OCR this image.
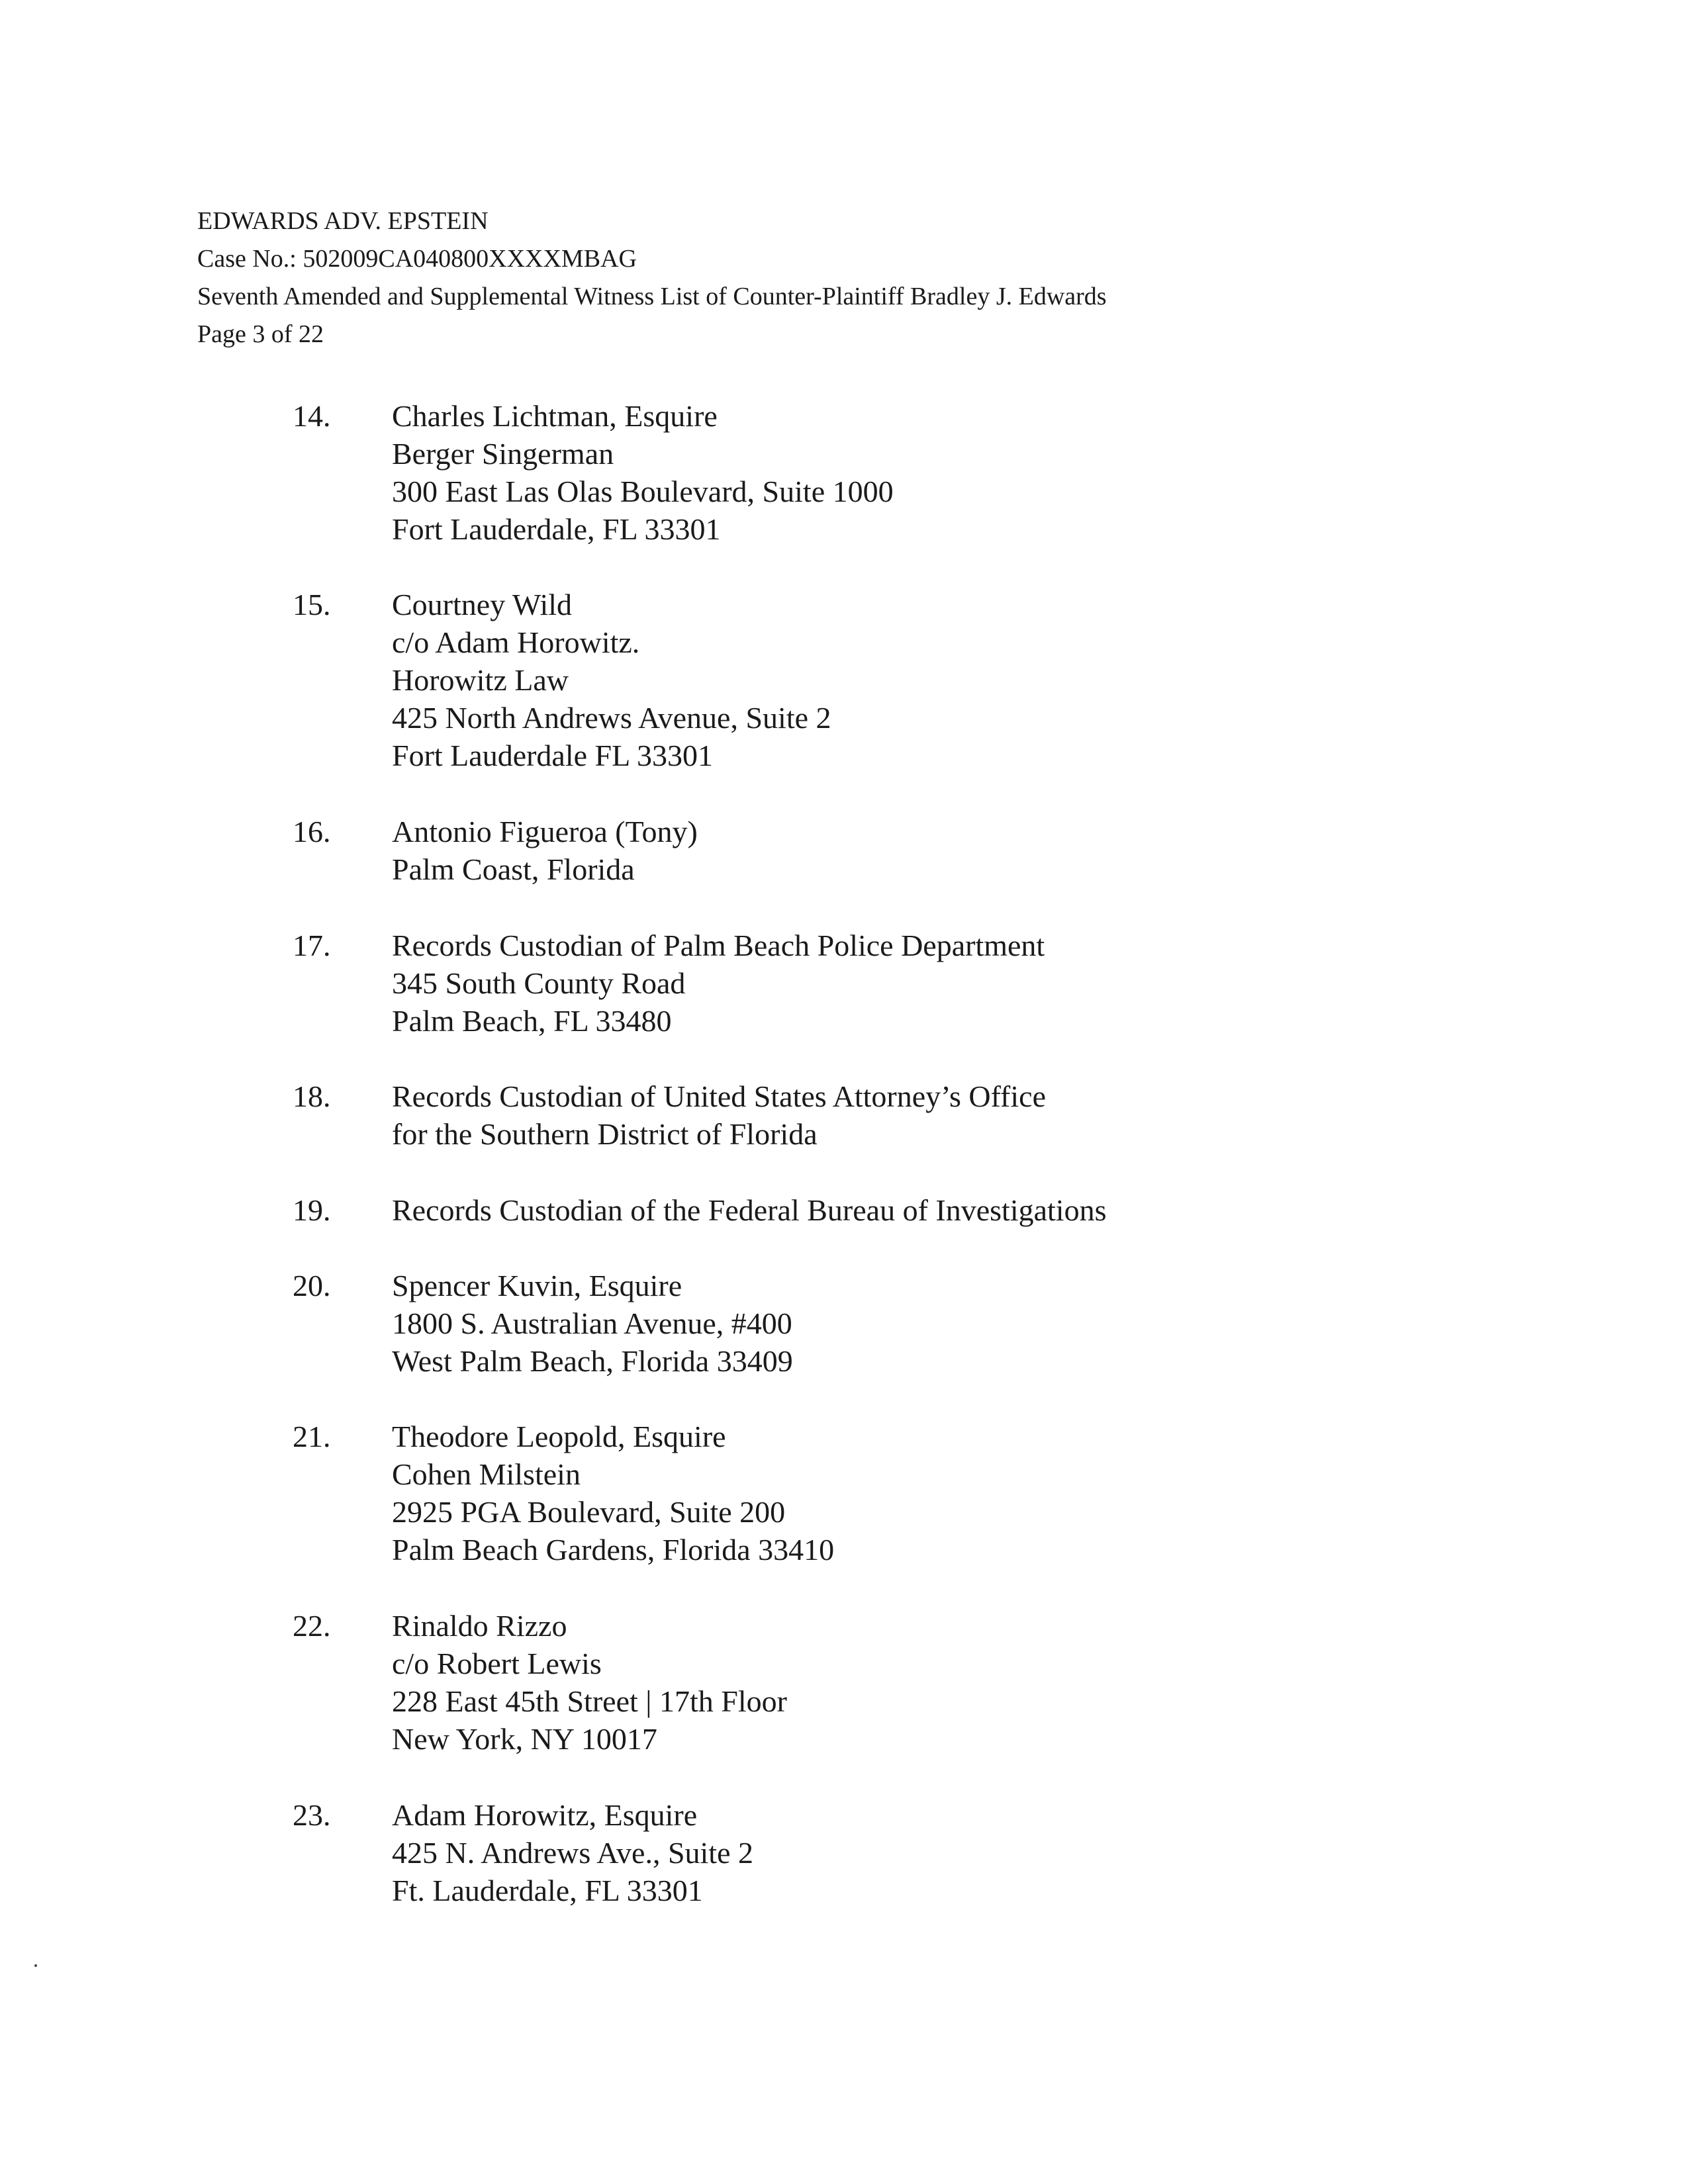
EDWARDS ADV. EPSTEIN
Case No.: 502009CA040800XXXXMBAG
Seventh Amended and Supplemental Witness List of Counter-Plaintiff Bradley J. Edwards
Page 3 of 22
14. Charles Lichtman, Esquire
Berger Singerman
300 East Las Olas Boulevard, Suite 1000
Fort Lauderdale, FL 33301
15. Courtney Wild
c/o Adam Horowitz.
Horowitz Law
425 North Andrews Avenue, Suite 2
Fort Lauderdale FL 33301
16. Antonio Figueroa (Tony)
Palm Coast, Florida
17. Records Custodian of Palm Beach Police Department
345 South County Road
Palm Beach, FL 33480
18. Records Custodian of United States Attorney’s Office
for the Southern District of Florida
19. Records Custodian of the Federal Bureau of Investigations
20. Spencer Kuvin, Esquire
1800 S. Australian Avenue, #400
West Palm Beach, Florida 33409
21. Theodore Leopold, Esquire
Cohen Milstein
2925 PGA Boulevard, Suite 200
Palm Beach Gardens, Florida 33410
22. Rinaldo Rizzo
c/o Robert Lewis
228 East 45th Street | 17th Floor
New York, NY 10017
23. Adam Horowitz, Esquire
425 N. Andrews Ave., Suite 2
Ft. Lauderdale, FL 33301
